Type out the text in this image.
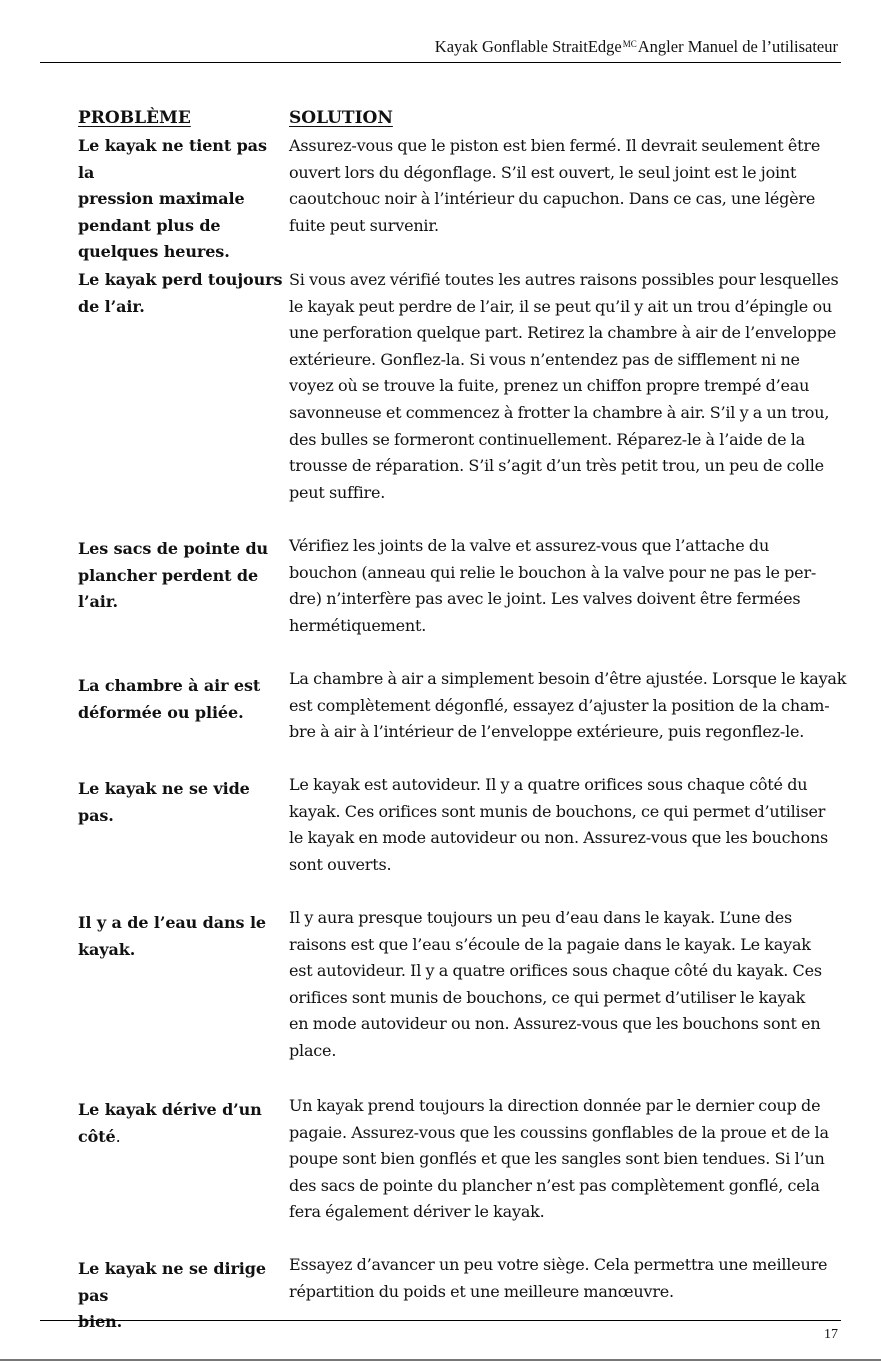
Kayak Gonflable StraitEdge$^{MC}$Angler Manuel de l’utilisateur
PROBLÈME	SOLUTION
Le kayak ne tient pas la
pression maximale
pendant plus de
quelques heures.
Assurez-vous que le piston est bien fermé. Il devrait seulement être
ouvert lors du dégonflage. S’il est ouvert, le seul joint est le joint
caoutchouc noir à l’intérieur du capuchon. Dans ce cas, une légère
fuite peut survenir.
Le kayak perd toujours
de l’air.
Si vous avez vérifié toutes les autres raisons possibles pour lesquelles
le kayak peut perdre de l’air, il se peut qu’il y ait un trou d’épingle ou
une perforation quelque part. Retirez la chambre à air de l’enveloppe
extérieure. Gonflez-la. Si vous n’entendez pas de sifflement ni ne
voyez où se trouve la fuite, prenez un chiffon propre trempé d’eau
savonneuse et commencez à frotter la chambre à air. S’il y a un trou,
des bulles se formeront continuellement. Réparez-le à l’aide de la
trousse de réparation. S’il s’agit d’un très petit trou, un peu de colle
peut suffire.
Les sacs de pointe du
plancher perdent de l’air.
Vérifiez les joints de la valve et assurez-vous que l’attache du
bouchon (anneau qui relie le bouchon à la valve pour ne pas le per-
dre) n’interfère pas avec le joint. Les valves doivent être fermées
hermétiquement.
La chambre à air est
déformée ou pliée.
La chambre à air a simplement besoin d’être ajustée. Lorsque le kayak
est complètement dégonflé, essayez d’ajuster la position de la cham-
bre à air à l’intérieur de l’enveloppe extérieure, puis regonflez-le.
Le kayak ne se vide pas.
Le kayak est autovideur. Il y a quatre orifices sous chaque côté du
kayak. Ces orifices sont munis de bouchons, ce qui permet d’utiliser
le kayak en mode autovideur ou non. Assurez-vous que les bouchons
sont ouverts.
Il y a de l’eau dans le
kayak.
Il y aura presque toujours un peu d’eau dans le kayak. L’une des
raisons est que l’eau s’écoule de la pagaie dans le kayak. Le kayak
est autovideur. Il y a quatre orifices sous chaque côté du kayak. Ces
orifices sont munis de bouchons, ce qui permet d’utiliser le kayak
en mode autovideur ou non. Assurez-vous que les bouchons sont en
place.
Le kayak dérive d’un
côté.
Un kayak prend toujours la direction donnée par le dernier coup de
pagaie. Assurez-vous que les coussins gonflables de la proue et de la
poupe sont bien gonflés et que les sangles sont bien tendues. Si l’un
des sacs de pointe du plancher n’est pas complètement gonflé, cela
fera également dériver le kayak.
Le kayak ne se dirige pas
bien.
Essayez d’avancer un peu votre siège. Cela permettra une meilleure
répartition du poids et une meilleure manœuvre.
17
